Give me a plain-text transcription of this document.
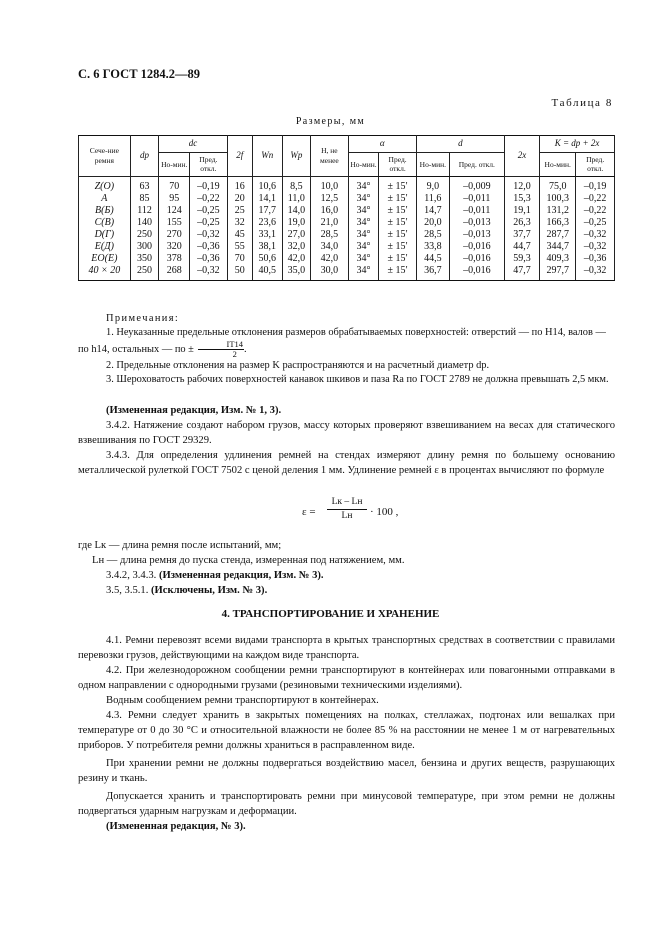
С. 6 ГОСТ 1284.2—89
Таблица 8
Размеры, мм
Сече-ние ремня	dр	dс		2f	Wп	Wр	H, не менее	α		d		2x	K = dр + 2x	
		Но-мин.	Пред. откл.					Но-мин.	Пред. откл.	Но-мин.	Пред. откл.		Но-мин.	Пред. откл.
Z(O)	63	70	–0,19	16	10,6	8,5	10,0	34°	± 15′	9,0	–0,009	12,0	75,0	–0,19
A	85	95	–0,22	20	14,1	11,0	12,5	34°	± 15′	11,6	–0,011	15,3	100,3	–0,22
B(Б)	112	124	–0,25	25	17,7	14,0	16,0	34°	± 15′	14,7	–0,011	19,1	131,2	–0,22
C(B)	140	155	–0,25	32	23,6	19,0	21,0	34°	± 15′	20,0	–0,013	26,3	166,3	–0,25
D(Г)	250	270	–0,32	45	33,1	27,0	28,5	34°	± 15′	28,5	–0,013	37,7	287,7	–0,32
E(Д)	300	320	–0,36	55	38,1	32,0	34,0	34°	± 15′	33,8	–0,016	44,7	344,7	–0,32
EO(E)	350	378	–0,36	70	50,6	42,0	42,0	34°	± 15′	44,5	–0,016	59,3	409,3	–0,36
40 × 20	250	268	–0,32	50	40,5	35,0	30,0	34°	± 15′	36,7	–0,016	47,7	297,7	–0,32
Примечания:
1. Неуказанные предельные отклонения размеров обрабатываемых поверхностей: отверстий — по H14, валов — по h14, остальных — по ± $\frac{IT14}{2}$ .
2. Предельные отклонения на размер K распространяются и на расчетный диаметр dр.
3. Шероховатость рабочих поверхностей канавок шкивов и паза Ra по ГОСТ 2789 не должна превышать 2,5 мкм.

(Измененная редакция, Изм. № 1, 3).

3.4.2. Натяжение создают набором грузов, массу которых проверяют взвешиванием на весах для статического взвешивания по ГОСТ 29329.

3.4.3. Для определения удлинения ремней на стендах измеряют длину ремня по большему основанию металлической рулеткой ГОСТ 7502 с ценой деления 1 мм. Удлинение ремней ε в процентах вычисляют по формуле

ε =
Lк – Lн
Lн	· 100 ,

где Lк — длина ремня после испытаний, мм;

Lн — длина ремня до пуска стенда, измеренная под натяжением, мм.

3.4.2, 3.4.3. (Измененная редакция, Изм. № 3).

3.5, 3.5.1. (Исключены, Изм. № 3).

4. ТРАНСПОРТИРОВАНИЕ И ХРАНЕНИЕ

4.1. Ремни перевозят всеми видами транспорта в крытых транспортных средствах в соответствии с правилами перевозки грузов, действующими на каждом виде транспорта.

4.2. При железнодорожном сообщении ремни транспортируют в контейнерах или повагонными отправками в одном направлении с однородными грузами (резиновыми техническими изделиями).

Водным сообщением ремни транспортируют в контейнерах.

4.3. Ремни следует хранить в закрытых помещениях на полках, стеллажах, подтонах или вешалках при температуре от 0 до 30 °C и относительной влажности не более 85 % на расстоянии не менее 1 м от нагревательных приборов. У потребителя ремни должны храниться в расправленном виде.

При хранении ремни не должны подвергаться воздействию масел, бензина и других веществ, разрушающих резину и ткань.

Допускается хранить и транспортировать ремни при минусовой температуре, при этом ремни не должны подвергаться ударным нагрузкам и деформации.

(Измененная редакция, № 3).
